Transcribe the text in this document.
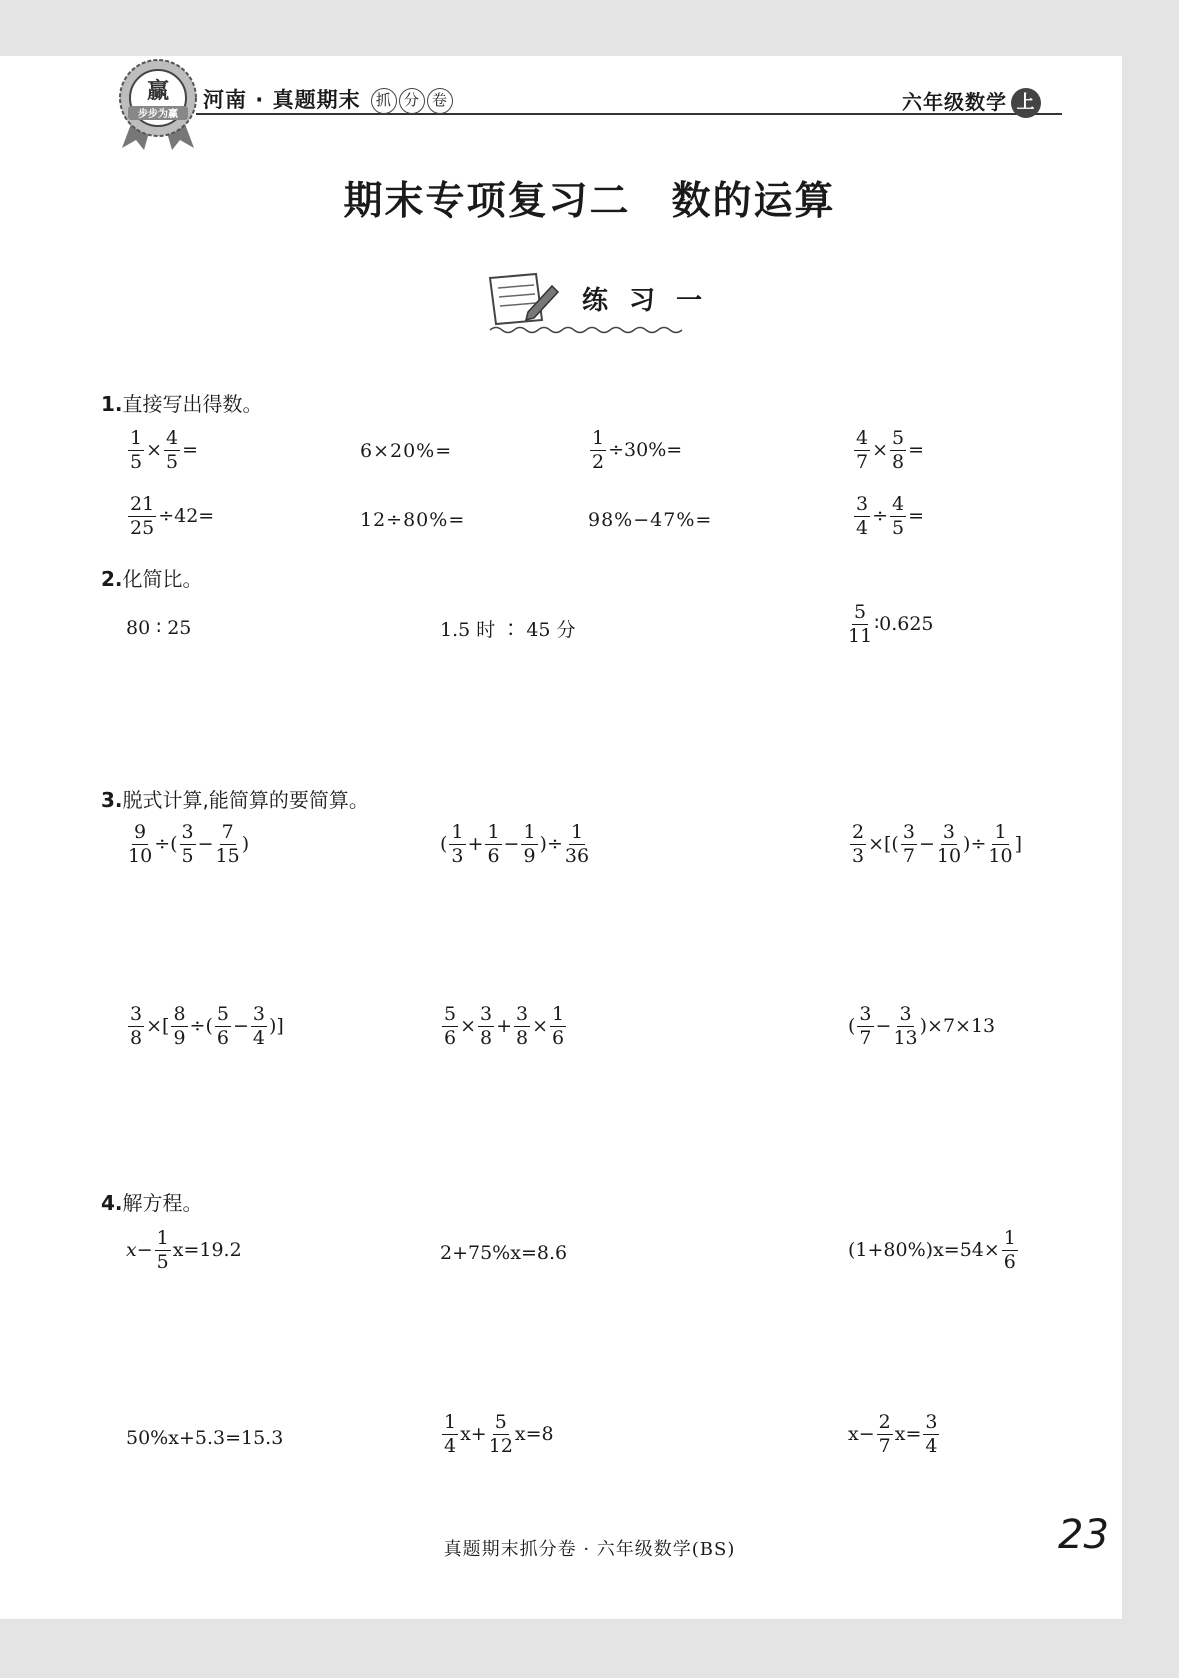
赢
步步为赢
河南 · 真题期末 抓 分 卷	六年级数学 上
期末专项复习二　数的运算
练 习 一
1.直接写出得数。
$\frac{1}{5} \times \frac{4}{5}$ =	6×20%=	$\frac{1}{2} \div 30\%=$	$\frac{4}{7} \times \frac{5}{8}$ =
$\frac{21}{25} \div 42=$	12÷80%=	98%−47%=	$\frac{3}{4} \div \frac{4}{5}$ =
2.化简比。
80 ∶ 25	1.5 时 ∶ 45 分	$\frac{5}{11}$ ∶0.625
3.脱式计算,能简算的要简算。
$\frac{9}{10}$ ÷( $\frac{3}{5} - \frac{7}{15}$ )	( $\frac{1}{3} + \frac{1}{6} - \frac{1}{9}$ )÷ $\frac{1}{36}$	$\frac{2}{3}$ ×[( $\frac{3}{7} - \frac{3}{10}$ )÷ $\frac{1}{10}$ ]
$\frac{3}{8}$ ×[ $\frac{8}{9}$ ÷( $\frac{5}{6} - \frac{3}{4}$ )]	$\frac{5}{6} \times \frac{3}{8} + \frac{3}{8} \times \frac{1}{6}$	( $\frac{3}{7} - \frac{3}{13} )\times 7\times 13$
4.解方程。
$x- \frac{1}{5} x=19.2$	2+75%x=8.6	$(1+80\%)x=54\times \frac{1}{6}$
50%x+5.3=15.3	$\frac{1}{4} x+ \frac{5}{12} x=8$	$x- \frac{2}{7} x= \frac{3}{4}$
真题期末抓分卷 · 六年级数学(BS)	23
